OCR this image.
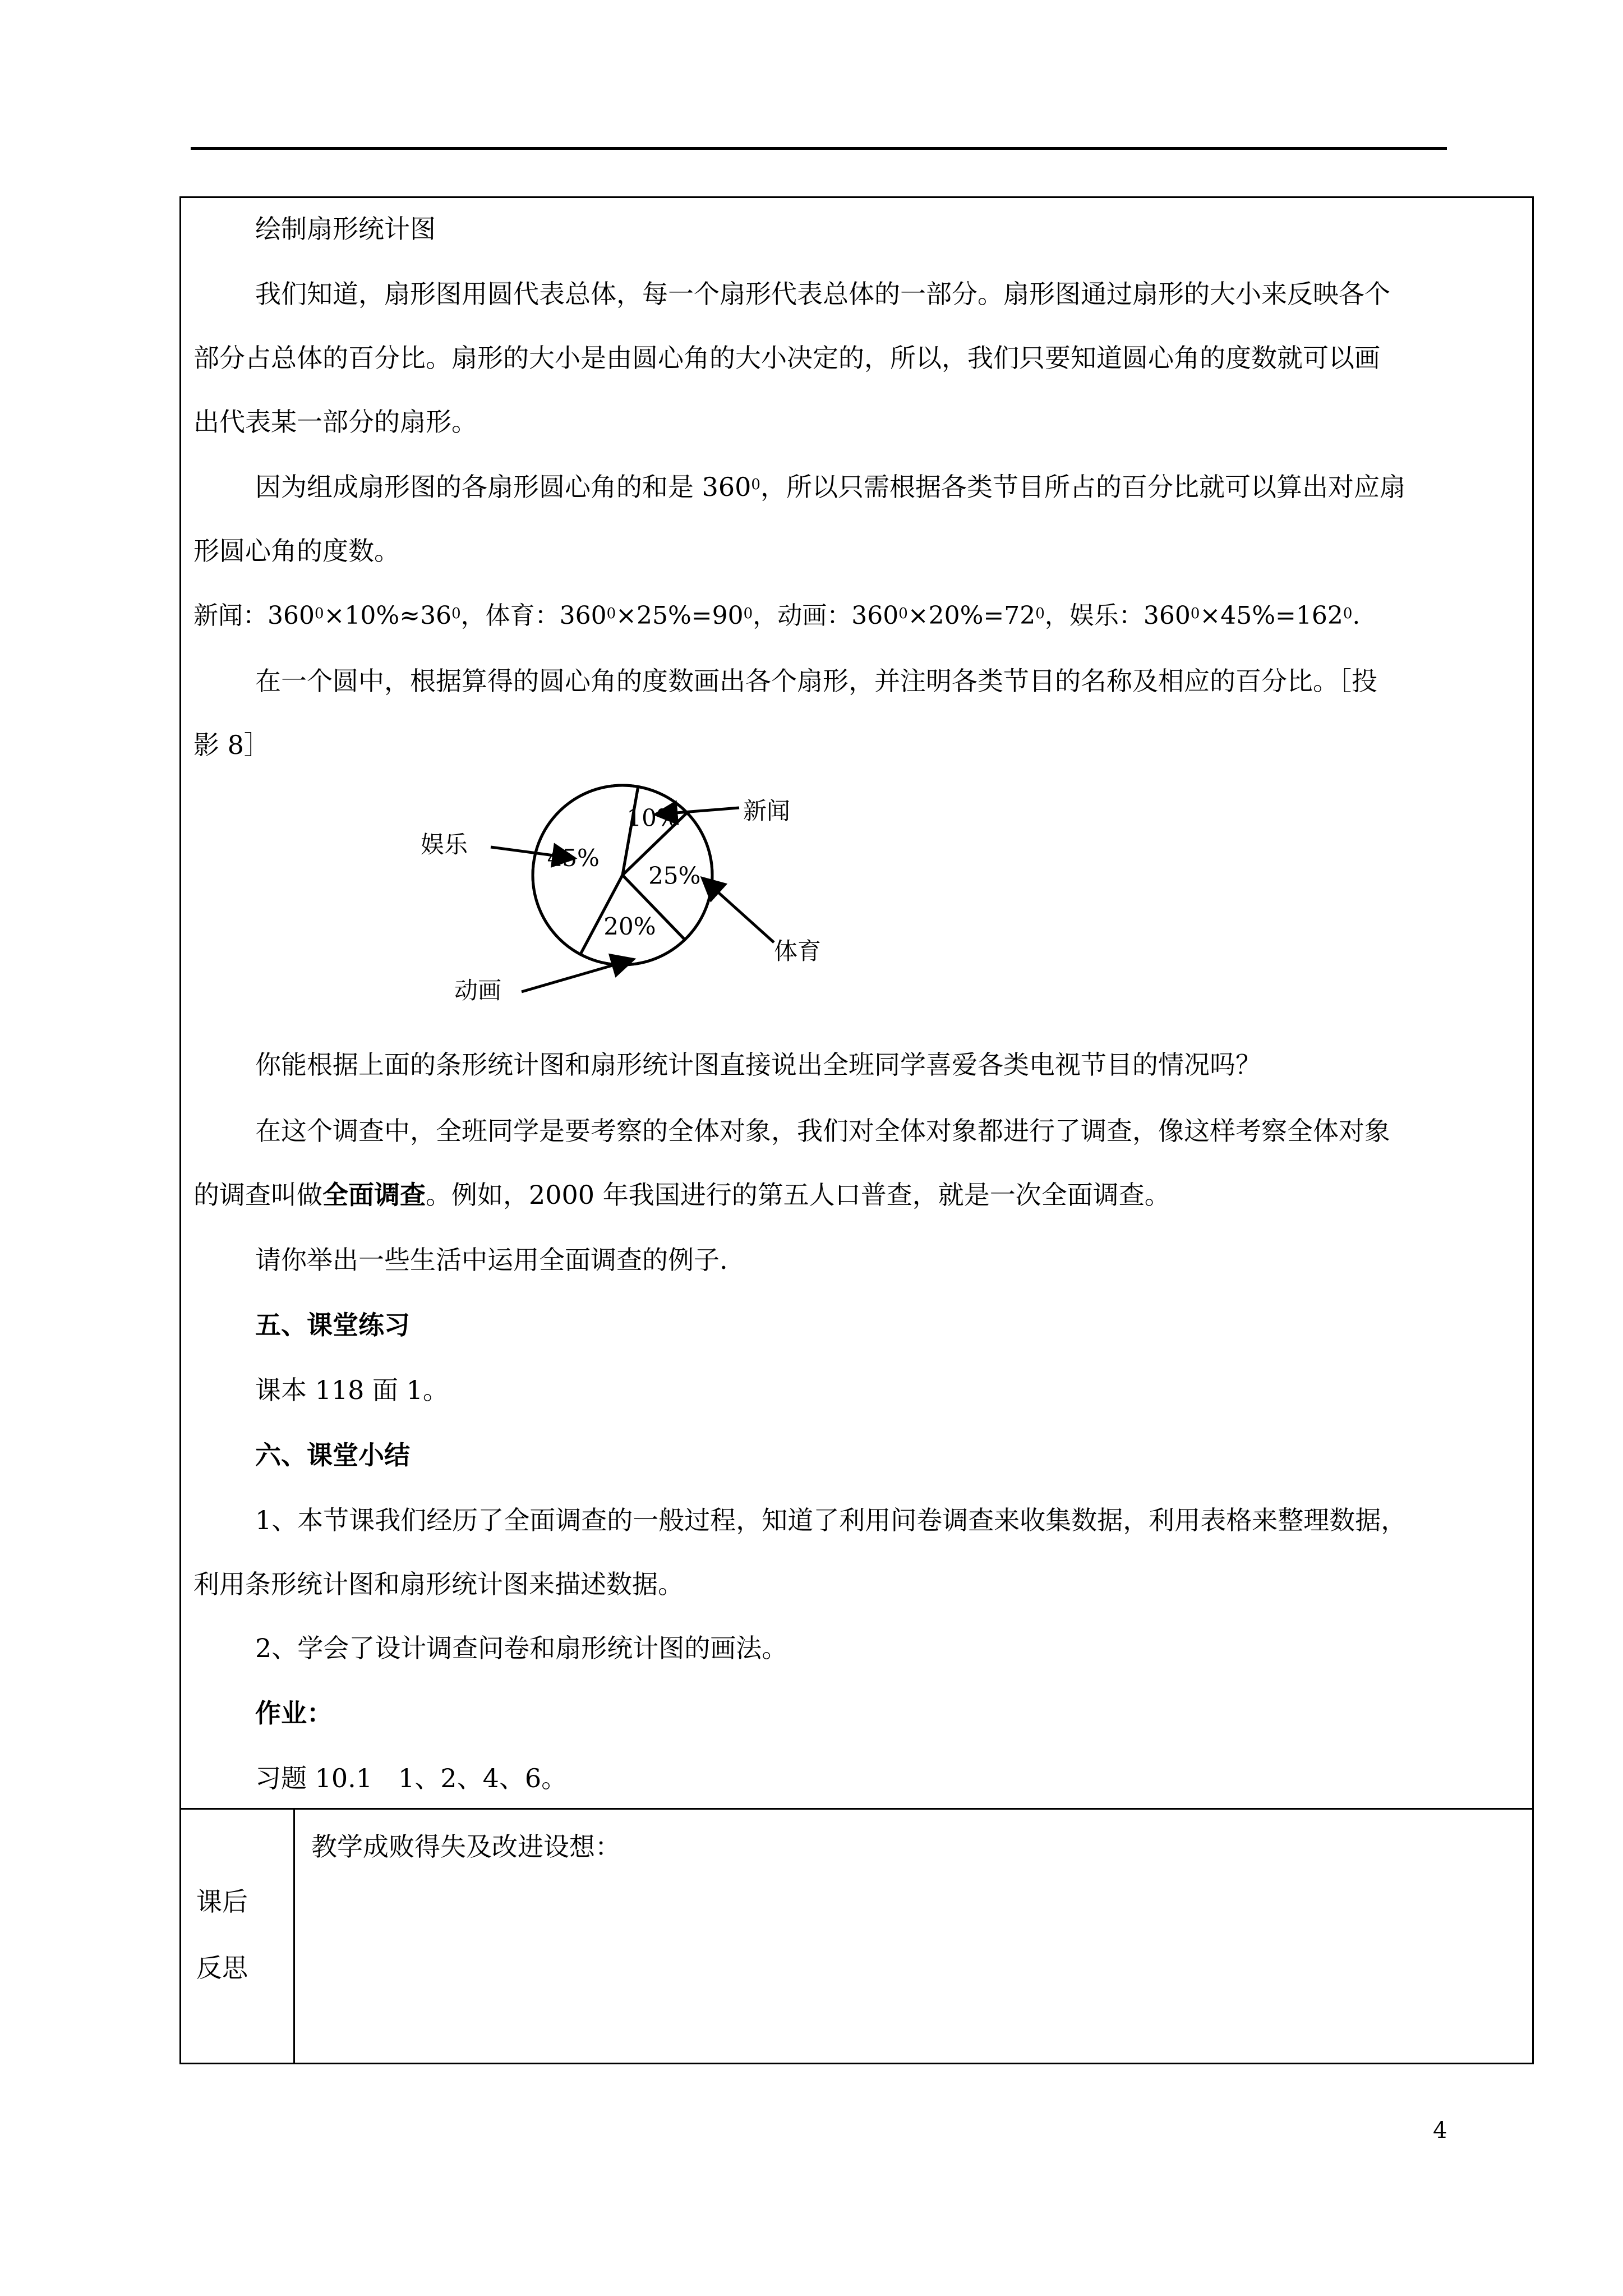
绘制扇形统计图
我们知道，扇形图用圆代表总体，每一个扇形代表总体的一部分。扇形图通过扇形的大小来反映各个
部分占总体的百分比。扇形的大小是由圆心角的大小决定的，所以，我们只要知道圆心角的度数就可以画
出代表某一部分的扇形。
因为组成扇形图的各扇形圆心角的和是 $360^0$，所以只需根据各类节目所占的百分比就可以算出对应扇
形圆心角的度数。
新闻：$360^0\times 10\%\approx 36^0$，体育：$360^0\times 25\%=90^0$，动画：$360^0\times 20\%=72^0$，娱乐：$360^0\times 45\%=162^0$.
在一个圆中，根据算得的圆心角的度数画出各个扇形，并注明各类节目的名称及相应的百分比。［投
影 8］
10%
25%
20%
45%
娱乐
新闻
体育
动画
你能根据上面的条形统计图和扇形统计图直接说出全班同学喜爱各类电视节目的情况吗？
在这个调查中，全班同学是要考察的全体对象，我们对全体对象都进行了调查，像这样考察全体对象
的调查叫做全面调查。例如，2000 年我国进行的第五人口普查，就是一次全面调查。
请你举出一些生活中运用全面调查的例子.
五、课堂练习
课本 118 面 1。
六、课堂小结
1、本节课我们经历了全面调查的一般过程，知道了利用问卷调查来收集数据，利用表格来整理数据，
利用条形统计图和扇形统计图来描述数据。
2、学会了设计调查问卷和扇形统计图的画法。
作业：
习题 10.1　1、2、4、6。
课后
反思
教学成败得失及改进设想：
4
